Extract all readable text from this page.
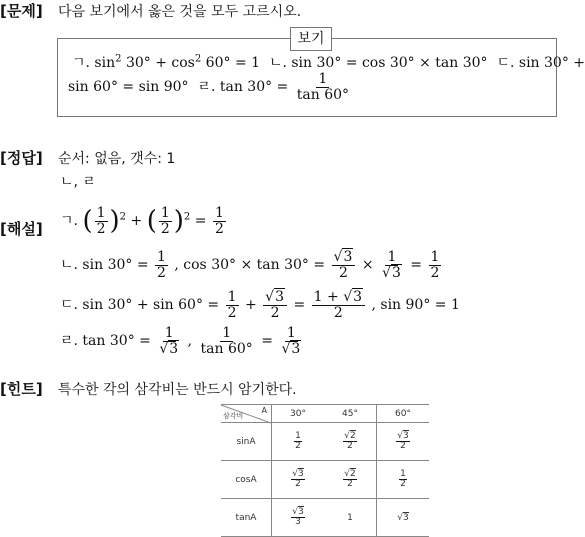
[문제] 다음 보기에서 옳은 것을 모두 고르시오.
보기
ㄱ. $\sin^2 30^\circ + \cos^2 60^\circ = 1$  ㄴ. sin 30° = cos 30° × tan 30°  ㄷ. sin 30° +
sin 60° = sin 90°  ㄹ. $\tan 30^\circ = \frac{1}{\tan 60^\circ}$
[정답] 순서: 없음, 갯수: 1
ㄴ, ㄹ
[해설] ㄱ. ( $\frac{1}{2} )^2$ + ( $\frac{1}{2} )^2 = \frac{1}{2}$
ㄴ. $\sin 30^\circ = \frac{1}{2}$ , $\cos 30^\circ \times \tan 30^\circ = \frac{√3}{2} \times \frac{1}{√3} = \frac{1}{2}$
ㄷ. $\sin 30^\circ + \sin 60^\circ = \frac{1}{2} + \frac{√3}{2} = \frac{1 + √3}{2}$ , sin 90° = 1
ㄹ. $\tan 30^\circ = \frac{1}{√3}$ , $\frac{1}{\tan 60^\circ} = \frac{1}{√3}$
[힌트] 특수한 각의 삼각비는 반드시 암기한다.
A
삼각비	30°	45°	60°
sinA	$\frac{1}{2}$	$\frac{√2}{2}$	$\frac{√3}{2}$

cosA	$\frac{√3}{2}$	$\frac{√2}{2}$	$\frac{1}{2}$

tanA	$\frac{√3}{3}$	1	√3
